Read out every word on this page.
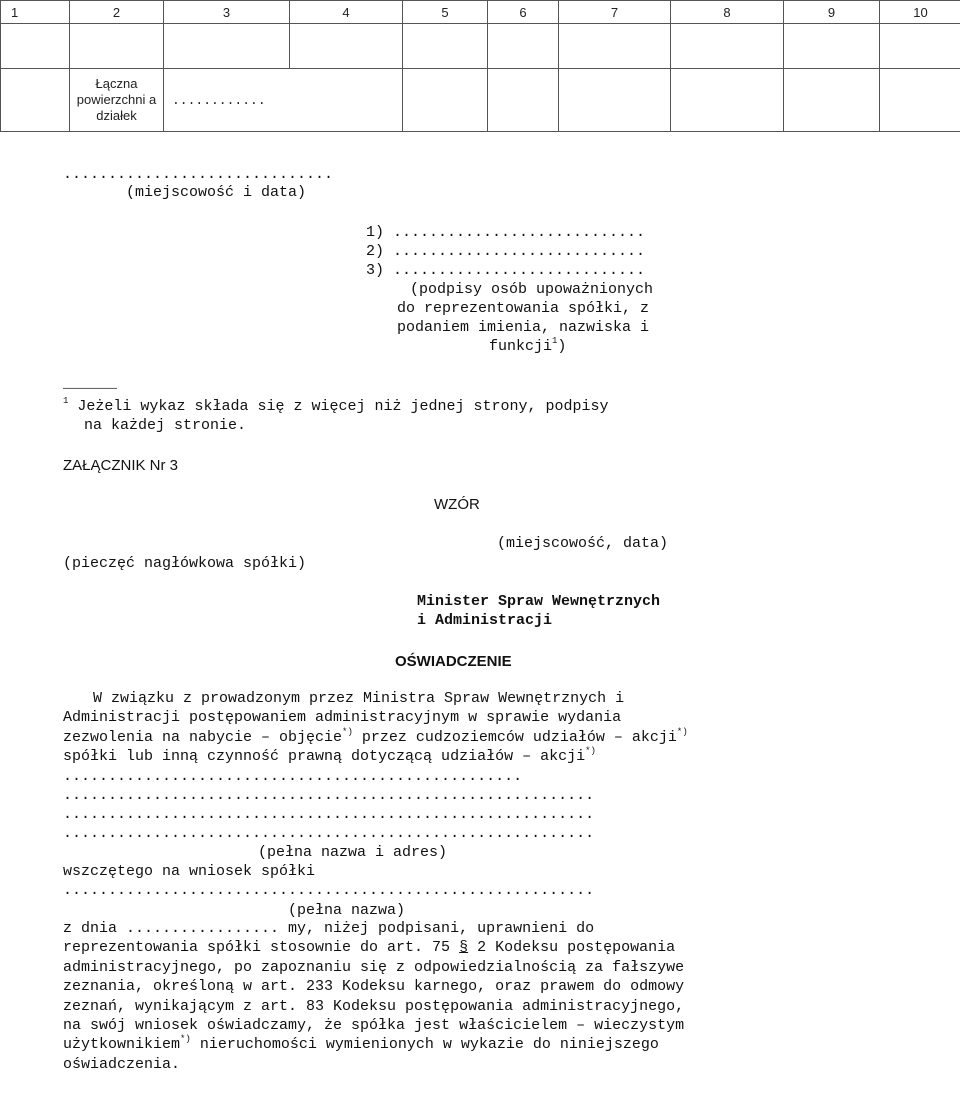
1	2	3	4	5	6	7	8	9	10

	Łączna powierzchni a działek	............							
..............................
(miejscowość i data)
1) ............................
2) ............................
3) ............................
(podpisy osób upoważnionych
do reprezentowania spółki, z
podaniem imienia, nazwiska i
funkcji$^1$)
______
$^1$ Jeżeli wykaz składa się z więcej niż jednej strony, podpisy
na każdej stronie.
ZAŁĄCZNIK Nr 3
WZÓR
(miejscowość, data)
(pieczęć nagłówkowa spółki)
Minister Spraw Wewnętrznych
i Administracji
OŚWIADCZENIE
W związku z prowadzonym przez Ministra Spraw Wewnętrznych i Administracji postępowaniem administracyjnym w sprawie wydania zezwolenia na nabycie – objęcie*) przez cudzoziemców udziałów – akcji*) spółki lub inną czynność prawną dotyczącą udziałów – akcji*) ...................................................
...........................................................
...........................................................
...........................................................
(pełna nazwa i adres)
wszczętego na wniosek spółki
...........................................................
(pełna nazwa)
z dnia ................. my, niżej podpisani, uprawnieni do reprezentowania spółki stosownie do art. 75 § 2 Kodeksu postępowania administracyjnego, po zapoznaniu się z odpowiedzialnością za fałszywe zeznania, określoną w art. 233 Kodeksu karnego, oraz prawem do odmowy zeznań, wynikającym z art. 83 Kodeksu postępowania administracyjnego, na swój wniosek oświadczamy, że spółka jest właścicielem – wieczystym użytkownikiem*) nieruchomości wymienionych w wykazie do niniejszego oświadczenia.
